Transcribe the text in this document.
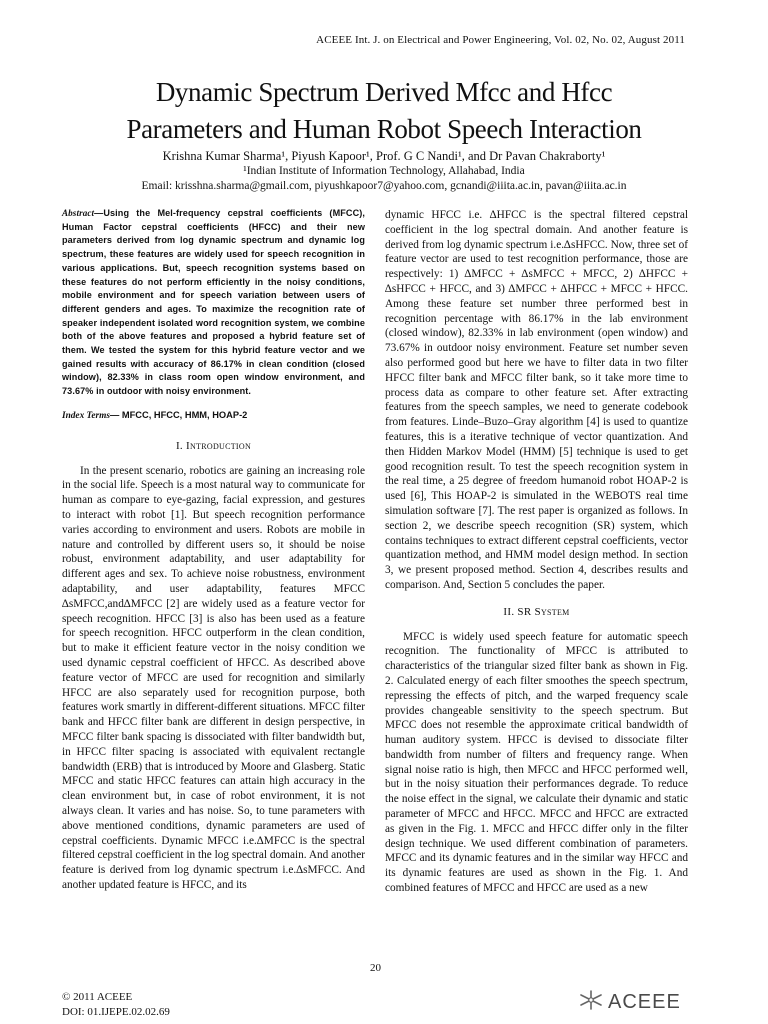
ACEEE Int. J. on Electrical and Power Engineering, Vol. 02, No. 02, August 2011
Dynamic Spectrum Derived Mfcc and Hfcc
Parameters and Human Robot Speech Interaction
Krishna Kumar Sharma¹, Piyush Kapoor¹, Prof. G C Nandi¹, and Dr Pavan Chakraborty¹
¹Indian Institute of Information Technology, Allahabad, India
Email: krisshna.sharma@gmail.com, piyushkapoor7@yahoo.com, gcnandi@iiita.ac.in, pavan@iiita.ac.in
Abstract—Using the Mel-frequency cepstral coefficients (MFCC), Human Factor cepstral coefficients (HFCC) and their new parameters derived from log dynamic spectrum and dynamic log spectrum, these features are widely used for speech recognition in various applications. But, speech recognition systems based on these features do not perform efficiently in the noisy conditions, mobile environment and for speech variation between users of different genders and ages. To maximize the recognition rate of speaker independent isolated word recognition system, we combine both of the above features and proposed a hybrid feature set of them. We tested the system for this hybrid feature vector and we gained results with accuracy of 86.17% in clean condition (closed window), 82.33% in class room open window environment, and 73.67% in outdoor with noisy environment.
Index Terms— MFCC, HFCC, HMM, HOAP-2
I. Introduction

In the present scenario, robotics are gaining an increasing role in the social life. Speech is a most natural way to communicate for human as compare to eye-gazing, facial expression, and gestures to interact with robot [1]. But speech recognition performance varies according to environment and users. Robots are mobile in nature and controlled by different users so, it should be noise robust, environment adaptability, and user adaptability for different ages and sex. To achieve noise robustness, environment adaptability, and user adaptability, features MFCC ∆sMFCC,and∆MFCC [2] are widely used as a feature vector for speech recognition. HFCC [3] is also has been used as a feature for speech recognition. HFCC outperform in the clean condition, but to make it efficient feature vector in the noisy condition we used dynamic cepstral coefficient of HFCC. As described above feature vector of MFCC are used for recognition and similarly HFCC are also separately used for recognition purpose, both features work smartly in different-different situations. MFCC filter bank and HFCC filter bank are different in design perspective, in MFCC filter bank spacing is dissociated with filter bandwidth but, in HFCC filter spacing is associated with equivalent rectangle bandwidth (ERB) that is introduced by Moore and Glasberg. Static MFCC and static HFCC features can attain high accuracy in the clean environment but, in case of robot environment, it is not always clean. It varies and has noise. So, to tune parameters with above mentioned conditions, dynamic parameters are used of cepstral coefficients. Dynamic MFCC i.e.∆MFCC is the spectral filtered cepstral coefficient in the log spectral domain. And another feature is derived from log dynamic spectrum i.e.∆sMFCC. And another updated feature is HFCC, and its

dynamic HFCC i.e. ∆HFCC is the spectral filtered cepstral coefficient in the log spectral domain. And another feature is derived from log dynamic spectrum i.e.∆sHFCC. Now, three set of feature vector are used to test recognition performance, those are respectively: 1) ∆MFCC + ∆sMFCC + MFCC, 2) ∆HFCC + ∆sHFCC + HFCC, and 3) ∆MFCC + ∆HFCC + MFCC + HFCC. Among these feature set number three performed best in recognition percentage with 86.17% in the lab environment (closed window), 82.33% in lab environment (open window) and 73.67% in outdoor noisy environment. Feature set number seven also performed good but here we have to filter data in two filter HFCC filter bank and MFCC filter bank, so it take more time to process data as compare to other feature set. After extracting features from the speech samples, we need to generate codebook from features. Linde–Buzo–Gray algorithm [4] is used to quantize features, this is a iterative technique of vector quantization. And then Hidden Markov Model (HMM) [5] technique is used to get good recognition result. To test the speech recognition system in the real time, a 25 degree of freedom humanoid robot HOAP-2 is used [6], This HOAP-2 is simulated in the WEBOTS real time simulation software [7]. The rest paper is organized as follows. In section 2, we describe speech recognition (SR) system, which contains techniques to extract different cepstral coefficients, vector quantization method, and HMM model design method. In section 3, we present proposed method. Section 4, describes results and comparison. And, Section 5 concludes the paper.

II. SR System

MFCC is widely used speech feature for automatic speech recognition. The functionality of MFCC is attributed to characteristics of the triangular sized filter bank as shown in Fig. 2. Calculated energy of each filter smoothes the speech spectrum, repressing the effects of pitch, and the warped frequency scale provides changeable sensitivity to the speech spectrum. But MFCC does not resemble the approximate critical bandwidth of human auditory system. HFCC is devised to dissociate filter bandwidth from number of filters and frequency range. When signal noise ratio is high, then MFCC and HFCC performed well, but in the noisy situation their performances degrade. To reduce the noise effect in the signal, we calculate their dynamic and static parameter of MFCC and HFCC. MFCC and HFCC are extracted as given in the Fig. 1. MFCC and HFCC differ only in the filter design technique. We used different combination of parameters. MFCC and its dynamic features and in the similar way HFCC and its dynamic features are used as shown in the Fig. 1. And combined features of MFCC and HFCC are used as a new

20
© 2011 ACEEE
DOI: 01.IJEPE.02.02.69	ACEEE
